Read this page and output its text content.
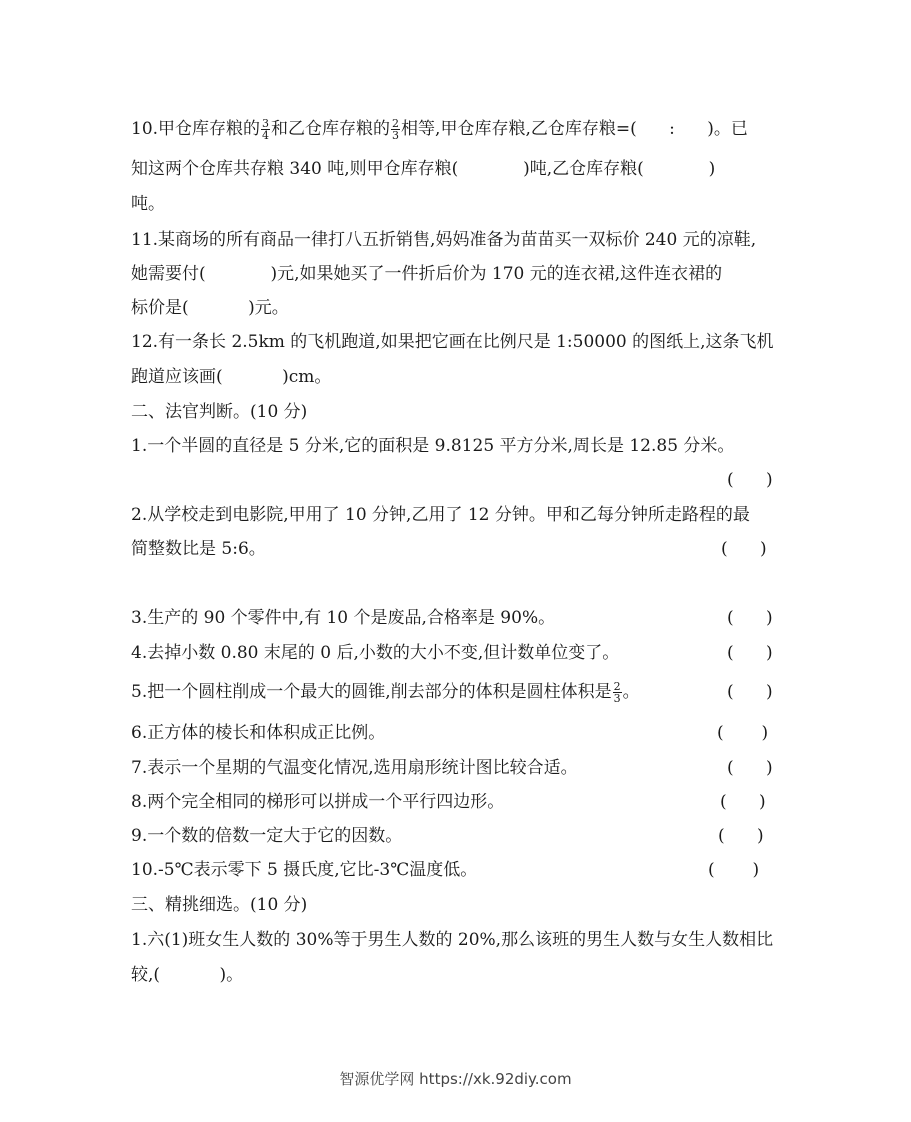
10.甲仓库存粮的 $\frac{3}{4}$ 和乙仓库存粮的 $\frac{2}{3}$ 相等,甲仓库存粮,乙仓库存粮=(      :      )。已
知这两个仓库共存粮 340 吨,则甲仓库存粮(            )吨,乙仓库存粮(            )
吨。
11.某商场的所有商品一律打八五折销售,妈妈准备为苗苗买一双标价 240 元的凉鞋,
她需要付(            )元,如果她买了一件折后价为 170 元的连衣裙,这件连衣裙的
标价是(           )元。
12.有一条长 2.5km 的飞机跑道,如果把它画在比例尺是 1:50000 的图纸上,这条飞机
跑道应该画(           )cm。
二、法官判断。(10 分)
1.一个半圆的直径是 5 分米,它的面积是 9.8125 平方分米,周长是 12.85 分米。
(      )
2.从学校走到电影院,甲用了 10 分钟,乙用了 12 分钟。甲和乙每分钟所走路程的最
简整数比是 5:6。	(      )
3.生产的 90 个零件中,有 10 个是废品,合格率是 90%。	(      )
4.去掉小数 0.80 末尾的 0 后,小数的大小不变,但计数单位变了。	(      )
5.把一个圆柱削成一个最大的圆锥,削去部分的体积是圆柱体积是 $\frac{2}{3}$ 。	(      )
6.正方体的棱长和体积成正比例。	(       )
7.表示一个星期的气温变化情况,选用扇形统计图比较合适。	(      )
8.两个完全相同的梯形可以拼成一个平行四边形。	(      )
9.一个数的倍数一定大于它的因数。	(      )
10.-5℃表示零下 5 摄氏度,它比-3℃温度低。	(       )
三、精挑细选。(10 分)
1.六(1)班女生人数的 30%等于男生人数的 20%,那么该班的男生人数与女生人数相比
较,(           )。
智源优学网 https://xk.92diy.com
